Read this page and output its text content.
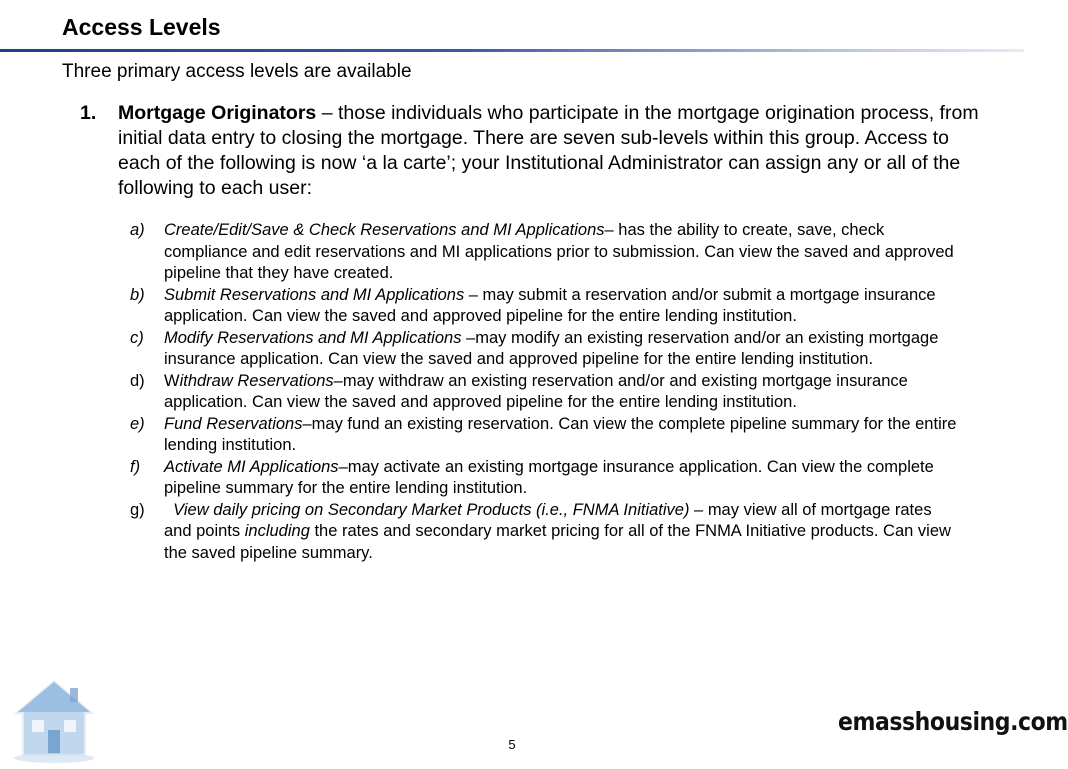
Access Levels
Three primary access levels are available
1. Mortgage Originators – those individuals who participate in the mortgage origination process, from initial data entry to closing the mortgage. There are seven sub-levels within this group. Access to each of the following is now ‘a la carte’; your Institutional Administrator can assign any or all of the following to each user:
a) Create/Edit/Save & Check Reservations and MI Applications– has the ability to create, save, check compliance and edit reservations and MI applications prior to submission. Can view the saved and approved pipeline that they have created.
b) Submit Reservations and MI Applications – may submit a reservation and/or submit a mortgage insurance application. Can view the saved and approved pipeline for the entire lending institution.
c) Modify Reservations and MI Applications –may modify an existing reservation and/or an existing mortgage insurance application. Can view the saved and approved pipeline for the entire lending institution.
d) Withdraw Reservations–may withdraw an existing reservation and/or and existing mortgage insurance application. Can view the saved and approved pipeline for the entire lending institution.
e) Fund Reservations–may fund an existing reservation. Can view the complete pipeline summary for the entire lending institution.
f) Activate MI Applications–may activate an existing mortgage insurance application. Can view the complete pipeline summary for the entire lending institution.
g) View daily pricing on Secondary Market Products (i.e., FNMA Initiative) – may view all of mortgage rates and points including the rates and secondary market pricing for all of the FNMA Initiative products. Can view the saved pipeline summary.
5
emasshousing.com
